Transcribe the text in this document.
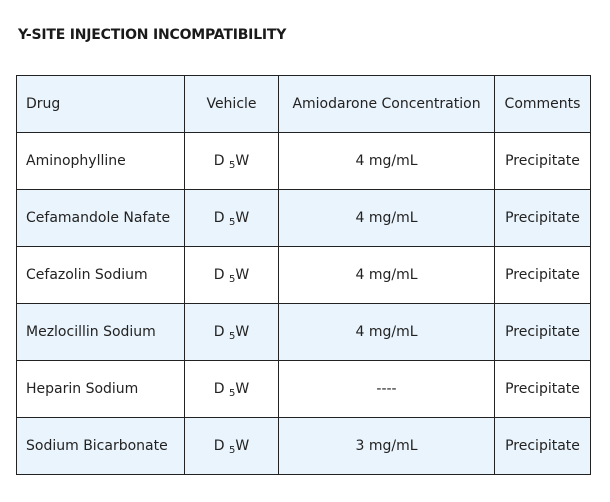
Y-SITE INJECTION INCOMPATIBILITY
Drug	Vehicle	Amiodarone Concentration	Comments
Aminophylline	D $_5$W	4 mg/mL	Precipitate
Cefamandole Nafate	D $_5$W	4 mg/mL	Precipitate
Cefazolin Sodium	D $_5$W	4 mg/mL	Precipitate
Mezlocillin Sodium	D $_5$W	4 mg/mL	Precipitate
Heparin Sodium	D $_5$W	----	Precipitate
Sodium Bicarbonate	D $_5$W	3 mg/mL	Precipitate
